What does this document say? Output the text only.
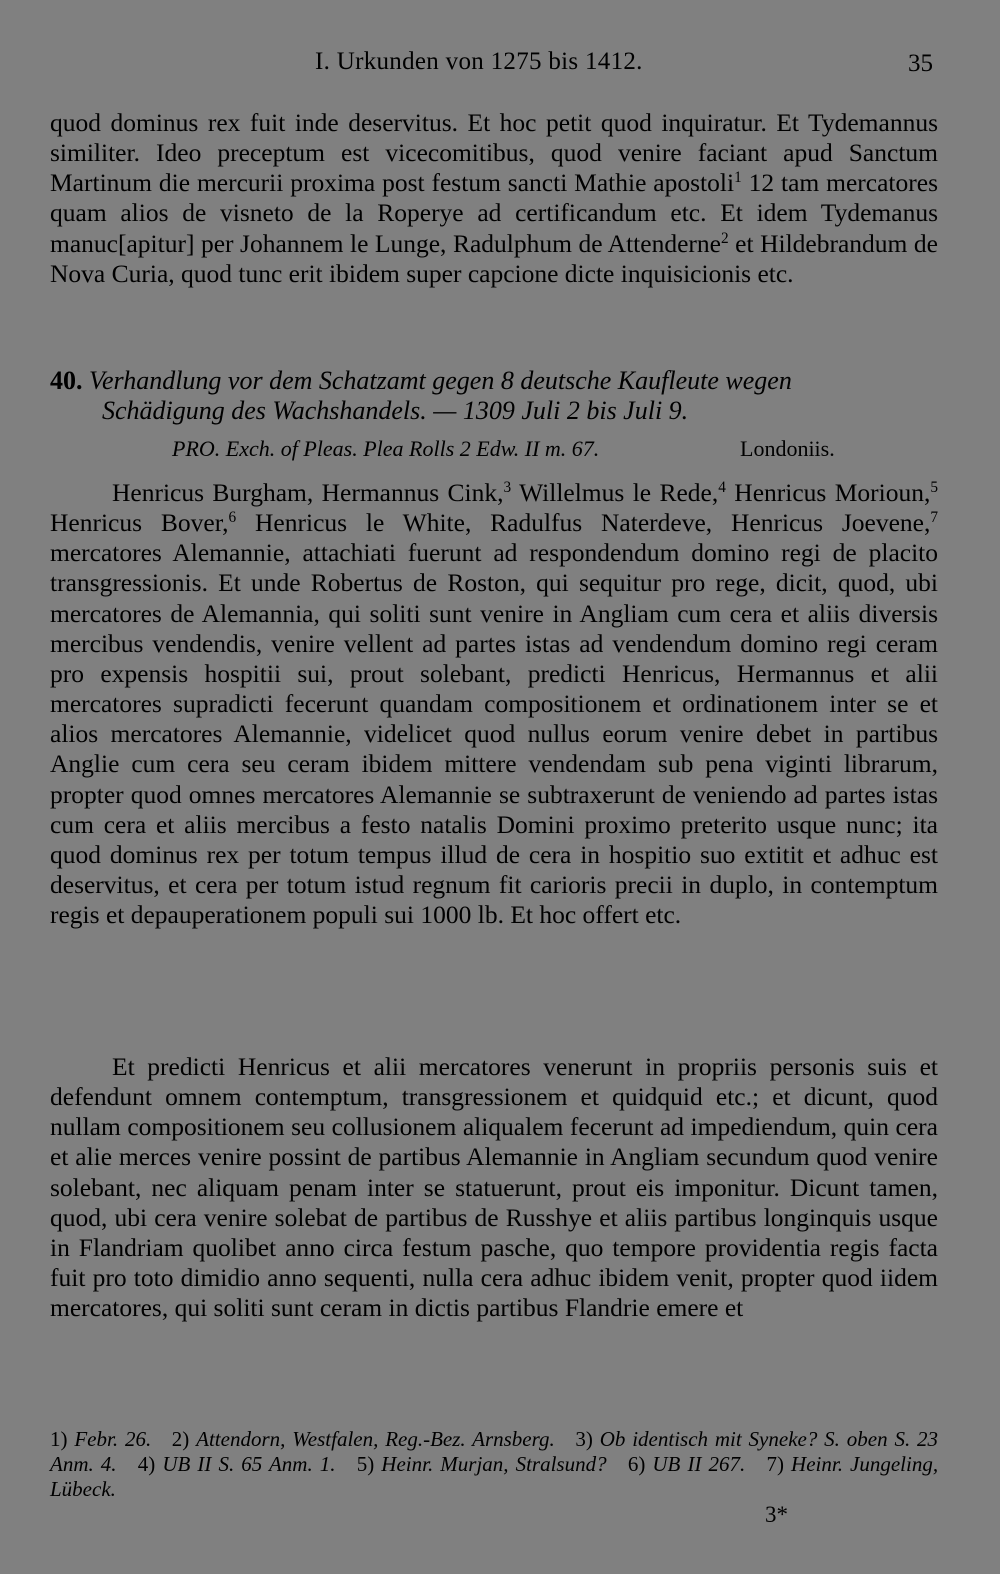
I. Urkunden von 1275 bis 1412.	35
quod dominus rex fuit inde deservitus. Et hoc petit quod inquiratur. Et Tydemannus similiter. Ideo preceptum est vicecomitibus, quod venire faciant apud Sanctum Martinum die mercurii proxima post festum sancti Mathie apostoli$^1$ 12 tam mercatores quam alios de visneto de la Roperye ad certificandum etc. Et idem Tydemanus manuc[apitur] per Johannem le Lunge, Radulphum de Attenderne$^2$ et Hildebrandum de Nova Curia, quod tunc erit ibidem super capcione dicte inquisicionis etc.
40. Verhandlung vor dem Schatzamt gegen 8 deutsche Kaufleute wegen
Schädigung des Wachshandels. — 1309 Juli 2 bis Juli 9.
PRO. Exch. of Pleas. Plea Rolls 2 Edw. II m. 67.	Londoniis.

Henricus Burgham, Hermannus Cink,$^3$ Willelmus le Rede,$^4$ Henricus Morioun,$^5$ Henricus Bover,$^6$ Henricus le White, Radulfus Naterdeve, Henricus Joevene,$^7$ mercatores Alemannie, attachiati fuerunt ad respondendum domino regi de placito transgressionis. Et unde Robertus de Roston, qui sequitur pro rege, dicit, quod, ubi mercatores de Alemannia, qui soliti sunt venire in Angliam cum cera et aliis diversis mercibus vendendis, venire vellent ad partes istas ad vendendum domino regi ceram pro expensis hospitii sui, prout solebant, predicti Henricus, Hermannus et alii mercatores supradicti fecerunt quandam compositionem et ordinationem inter se et alios mercatores Alemannie, videlicet quod nullus eorum venire debet in partibus Anglie cum cera seu ceram ibidem mittere vendendam sub pena viginti librarum, propter quod omnes mercatores Alemannie se subtraxerunt de veniendo ad partes istas cum cera et aliis mercibus a festo natalis Domini proximo preterito usque nunc; ita quod dominus rex per totum tempus illud de cera in hospitio suo extitit et adhuc est deservitus, et cera per totum istud regnum fit carioris precii in duplo, in contemptum regis et depauperationem populi sui 1000 lb. Et hoc offert etc.

Et predicti Henricus et alii mercatores venerunt in propriis personis suis et defendunt omnem contemptum, transgressionem et quidquid etc.; et dicunt, quod nullam compositionem seu collusionem aliqualem fecerunt ad impediendum, quin cera et alie merces venire possint de partibus Alemannie in Angliam secundum quod venire solebant, nec aliquam penam inter se statuerunt, prout eis imponitur. Dicunt tamen, quod, ubi cera venire solebat de partibus de Russhye et aliis partibus longinquis usque in Flandriam quolibet anno circa festum pasche, quo tempore providentia regis facta fuit pro toto dimidio anno sequenti, nulla cera adhuc ibidem venit, propter quod iidem mercatores, qui soliti sunt ceram in dictis partibus Flandrie emere et

1) Febr. 26. 2) Attendorn, Westfalen, Reg.-Bez. Arnsberg. 3) Ob identisch mit Syneke? S. oben S. 23 Anm. 4. 4) UB II S. 65 Anm. 1. 5) Heinr. Murjan, Stralsund? 6) UB II 267. 7) Heinr. Jungeling, Lübeck.
3*
